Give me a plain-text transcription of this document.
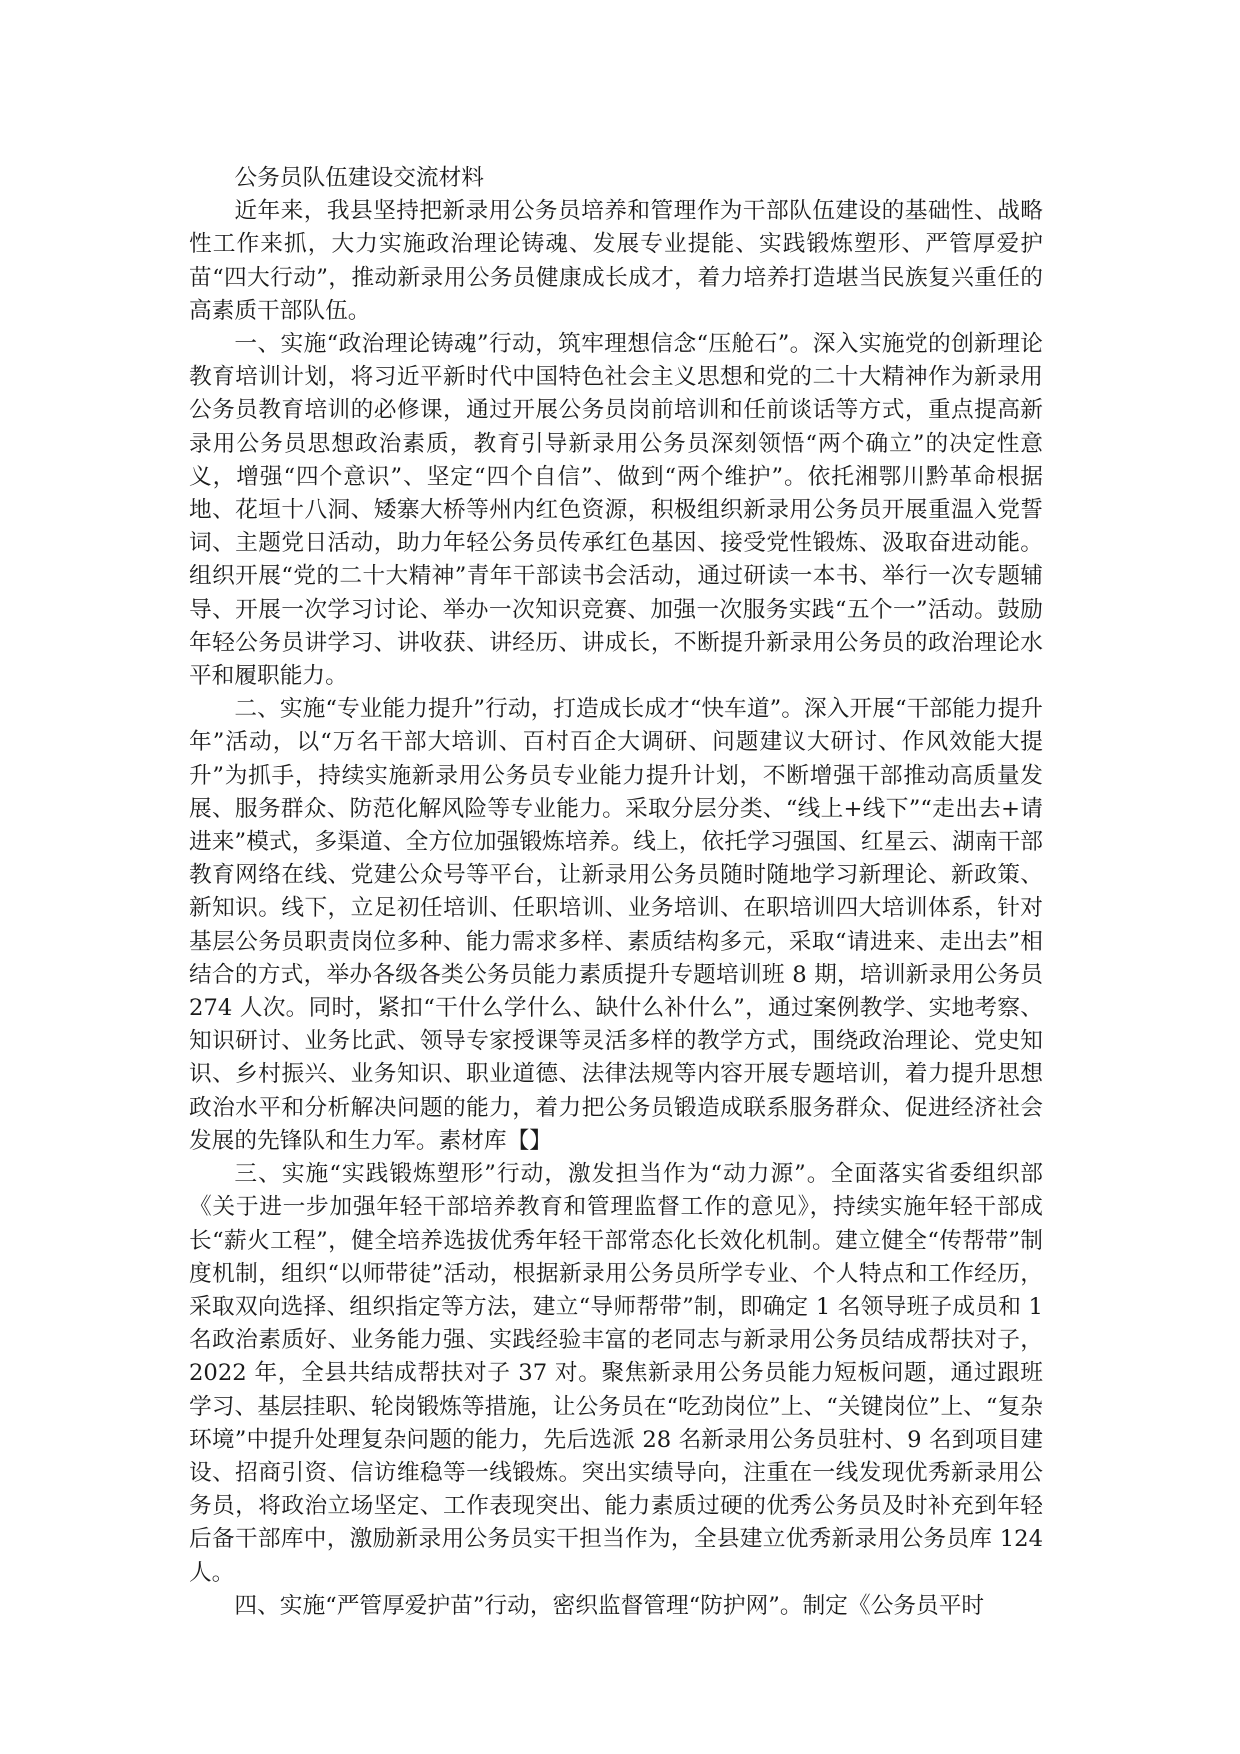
公务员队伍建设交流材料

近年来，我县坚持把新录用公务员培养和管理作为干部队伍建设的基础性、战略性工作来抓，大力实施政治理论铸魂、发展专业提能、实践锻炼塑形、严管厚爱护苗“四大行动”，推动新录用公务员健康成长成才，着力培养打造堪当民族复兴重任的高素质干部队伍。

一、实施“政治理论铸魂”行动，筑牢理想信念“压舱石”。深入实施党的创新理论教育培训计划，将习近平新时代中国特色社会主义思想和党的二十大精神作为新录用公务员教育培训的必修课，通过开展公务员岗前培训和任前谈话等方式，重点提高新录用公务员思想政治素质，教育引导新录用公务员深刻领悟“两个确立”的决定性意义，增强“四个意识”、坚定“四个自信”、做到“两个维护”。依托湘鄂川黔革命根据地、花垣十八洞、矮寨大桥等州内红色资源，积极组织新录用公务员开展重温入党誓词、主题党日活动，助力年轻公务员传承红色基因、接受党性锻炼、汲取奋进动能。组织开展“党的二十大精神”青年干部读书会活动，通过研读一本书、举行一次专题辅导、开展一次学习讨论、举办一次知识竞赛、加强一次服务实践“五个一”活动。鼓励年轻公务员讲学习、讲收获、讲经历、讲成长，不断提升新录用公务员的政治理论水平和履职能力。

二、实施“专业能力提升”行动，打造成长成才“快车道”。深入开展“干部能力提升年”活动，以“万名干部大培训、百村百企大调研、问题建议大研讨、作风效能大提升”为抓手，持续实施新录用公务员专业能力提升计划，不断增强干部推动高质量发展、服务群众、防范化解风险等专业能力。采取分层分类、“线上+线下”“走出去+请进来”模式，多渠道、全方位加强锻炼培养。线上，依托学习强国、红星云、湖南干部教育网络在线、党建公众号等平台，让新录用公务员随时随地学习新理论、新政策、新知识。线下，立足初任培训、任职培训、业务培训、在职培训四大培训体系，针对基层公务员职责岗位多种、能力需求多样、素质结构多元，采取“请进来、走出去”相结合的方式，举办各级各类公务员能力素质提升专题培训班 8 期，培训新录用公务员 274 人次。同时，紧扣“干什么学什么、缺什么补什么”，通过案例教学、实地考察、知识研讨、业务比武、领导专家授课等灵活多样的教学方式，围绕政治理论、党史知识、乡村振兴、业务知识、职业道德、法律法规等内容开展专题培训，着力提升思想政治水平和分析解决问题的能力，着力把公务员锻造成联系服务群众、促进经济社会发展的先锋队和生力军。素材库【】

三、实施“实践锻炼塑形”行动，激发担当作为“动力源”。全面落实省委组织部《关于进一步加强年轻干部培养教育和管理监督工作的意见》，持续实施年轻干部成长“薪火工程”，健全培养选拔优秀年轻干部常态化长效化机制。建立健全“传帮带”制度机制，组织“以师带徒”活动，根据新录用公务员所学专业、个人特点和工作经历，采取双向选择、组织指定等方法，建立“导师帮带”制，即确定 1 名领导班子成员和 1 名政治素质好、业务能力强、实践经验丰富的老同志与新录用公务员结成帮扶对子，2022 年，全县共结成帮扶对子 37 对。聚焦新录用公务员能力短板问题，通过跟班学习、基层挂职、轮岗锻炼等措施，让公务员在“吃劲岗位”上、“关键岗位”上、“复杂环境”中提升处理复杂问题的能力，先后选派 28 名新录用公务员驻村、9 名到项目建设、招商引资、信访维稳等一线锻炼。突出实绩导向，注重在一线发现优秀新录用公务员，将政治立场坚定、工作表现突出、能力素质过硬的优秀公务员及时补充到年轻后备干部库中，激励新录用公务员实干担当作为，全县建立优秀新录用公务员库 124 人。

四、实施“严管厚爱护苗”行动，密织监督管理“防护网”。制定《公务员平时
